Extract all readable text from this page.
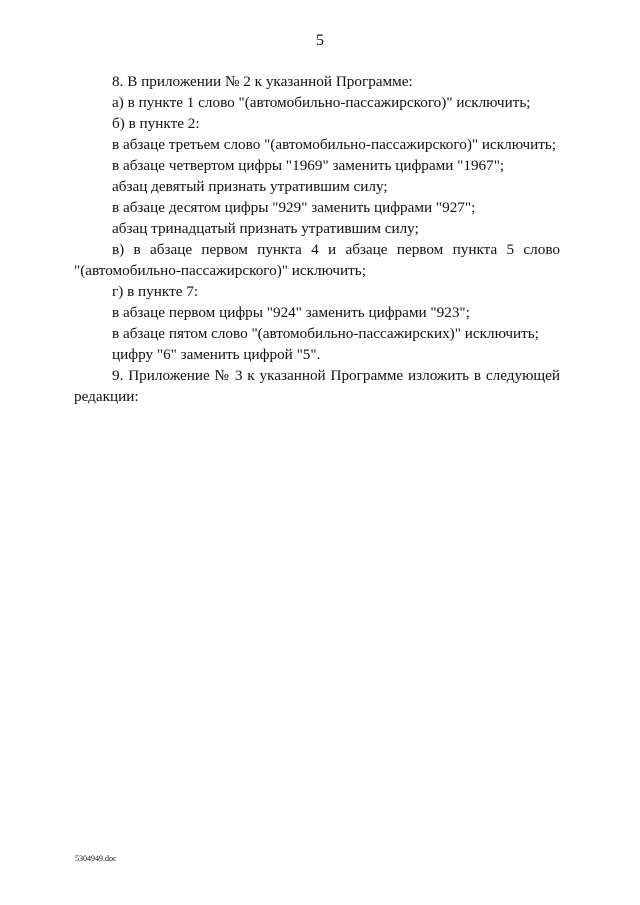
5
8. В приложении № 2 к указанной Программе:
а) в пункте 1 слово "(автомобильно-пассажирского)" исключить;
б) в пункте 2:
в абзаце третьем слово "(автомобильно-пассажирского)" исключить;
в абзаце четвертом цифры "1969" заменить цифрами "1967";
абзац девятый признать утратившим силу;
в абзаце десятом цифры "929" заменить цифрами "927";
абзац тринадцатый признать утратившим силу;
в) в абзаце первом пункта 4 и абзаце первом пункта 5 слово
"(автомобильно-пассажирского)" исключить;
г) в пункте 7:
в абзаце первом цифры "924" заменить цифрами "923";
в абзаце пятом слово "(автомобильно-пассажирских)" исключить;
цифру "6" заменить цифрой "5".
9. Приложение № 3 к указанной Программе изложить в следующей
редакции:
5304949.doc
